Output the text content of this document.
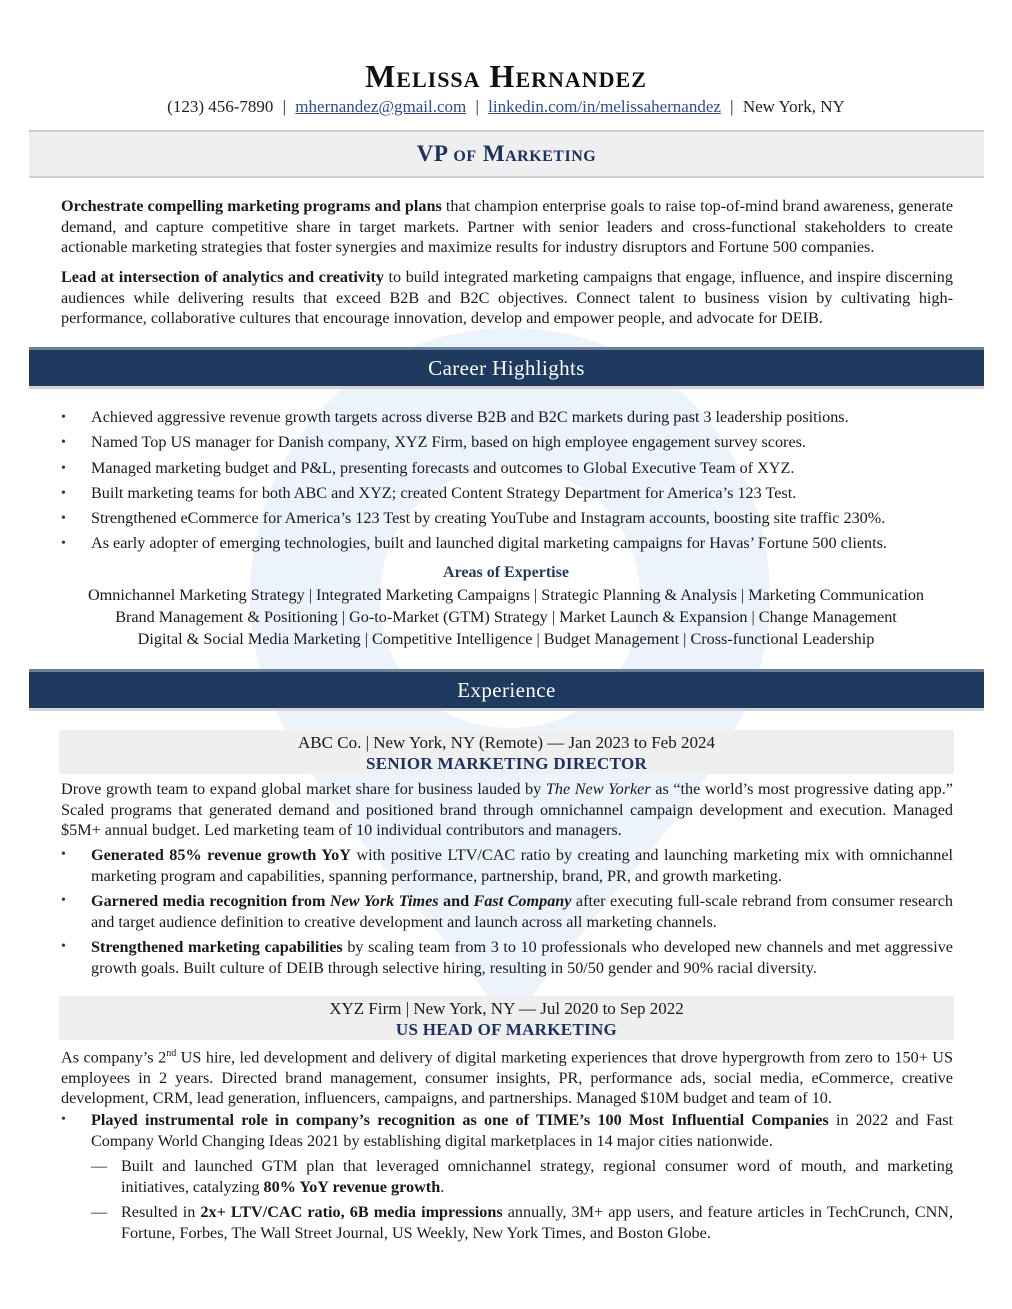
Melissa Hernandez
(123) 456-7890 | mhernandez@gmail.com | linkedin.com/in/melissahernandez | New York, NY
VP of Marketing
Orchestrate compelling marketing programs and plans that champion enterprise goals to raise top-of-mind brand awareness, generate demand, and capture competitive share in target markets. Partner with senior leaders and cross-functional stakeholders to create actionable marketing strategies that foster synergies and maximize results for industry disruptors and Fortune 500 companies.
Lead at intersection of analytics and creativity to build integrated marketing campaigns that engage, influence, and inspire discerning audiences while delivering results that exceed B2B and B2C objectives. Connect talent to business vision by cultivating high-performance, collaborative cultures that encourage innovation, develop and empower people, and advocate for DEIB.
Career Highlights
• Achieved aggressive revenue growth targets across diverse B2B and B2C markets during past 3 leadership positions.
• Named Top US manager for Danish company, XYZ Firm, based on high employee engagement survey scores.
• Managed marketing budget and P&L, presenting forecasts and outcomes to Global Executive Team of XYZ.
• Built marketing teams for both ABC and XYZ; created Content Strategy Department for America’s 123 Test.
• Strengthened eCommerce for America’s 123 Test by creating YouTube and Instagram accounts, boosting site traffic 230%.
• As early adopter of emerging technologies, built and launched digital marketing campaigns for Havas’ Fortune 500 clients.
Areas of Expertise
Omnichannel Marketing Strategy | Integrated Marketing Campaigns | Strategic Planning & Analysis | Marketing Communication
Brand Management & Positioning | Go-to-Market (GTM) Strategy | Market Launch & Expansion | Change Management
Digital & Social Media Marketing | Competitive Intelligence | Budget Management | Cross-functional Leadership
Experience
ABC Co. | New York, NY (Remote) — Jan 2023 to Feb 2024
SENIOR MARKETING DIRECTOR
Drove growth team to expand global market share for business lauded by The New Yorker as “the world’s most progressive dating app.” Scaled programs that generated demand and positioned brand through omnichannel campaign development and execution. Managed $5M+ annual budget. Led marketing team of 10 individual contributors and managers.
• Generated 85% revenue growth YoY with positive LTV/CAC ratio by creating and launching marketing mix with omnichannel marketing program and capabilities, spanning performance, partnership, brand, PR, and growth marketing.
• Garnered media recognition from New York Times and Fast Company after executing full-scale rebrand from consumer research and target audience definition to creative development and launch across all marketing channels.
• Strengthened marketing capabilities by scaling team from 3 to 10 professionals who developed new channels and met aggressive growth goals. Built culture of DEIB through selective hiring, resulting in 50/50 gender and 90% racial diversity.
XYZ Firm | New York, NY — Jul 2020 to Sep 2022
US HEAD OF MARKETING
As company’s 2nd US hire, led development and delivery of digital marketing experiences that drove hypergrowth from zero to 150+ US employees in 2 years. Directed brand management, consumer insights, PR, performance ads, social media, eCommerce, creative development, CRM, lead generation, influencers, campaigns, and partnerships. Managed $10M budget and team of 10.
• Played instrumental role in company’s recognition as one of TIME’s 100 Most Influential Companies in 2022 and Fast Company World Changing Ideas 2021 by establishing digital marketplaces in 14 major cities nationwide.
— Built and launched GTM plan that leveraged omnichannel strategy, regional consumer word of mouth, and marketing initiatives, catalyzing 80% YoY revenue growth.
— Resulted in 2x+ LTV/CAC ratio, 6B media impressions annually, 3M+ app users, and feature articles in TechCrunch, CNN, Fortune, Forbes, The Wall Street Journal, US Weekly, New York Times, and Boston Globe.
